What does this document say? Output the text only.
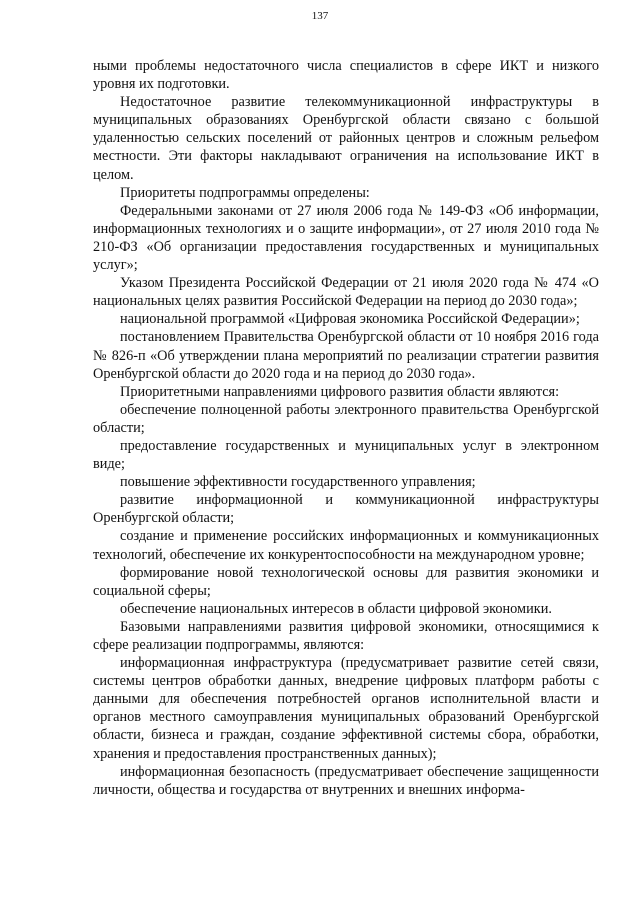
137

ными проблемы недостаточного числа специалистов в сфере ИКТ и низкого уровня их подготовки.

Недостаточное развитие телекоммуникационной инфраструктуры в муниципальных образованиях Оренбургской области связано с большой удаленностью сельских поселений от районных центров и сложным рельефом местности. Эти факторы накладывают ограничения на использование ИКТ в целом.

Приоритеты подпрограммы определены:

Федеральными законами от 27 июля 2006 года № 149-ФЗ «Об информации, информационных технологиях и о защите информации», от 27 июля 2010 года № 210-ФЗ «Об организации предоставления государственных и муниципальных услуг»;

Указом Президента Российской Федерации от 21 июля 2020 года № 474 «О национальных целях развития Российской Федерации на период до 2030 года»;

национальной программой «Цифровая экономика Российской Федерации»;

постановлением Правительства Оренбургской области от 10 ноября 2016 года № 826-п «Об утверждении плана мероприятий по реализации стратегии развития Оренбургской области до 2020 года и на период до 2030 года».

Приоритетными направлениями цифрового развития области являются:

обеспечение полноценной работы электронного правительства Оренбургской области;

предоставление государственных и муниципальных услуг в электронном виде;

повышение эффективности государственного управления;

развитие информационной и коммуникационной инфраструктуры Оренбургской области;

создание и применение российских информационных и коммуникационных технологий, обеспечение их конкурентоспособности на международном уровне;

формирование новой технологической основы для развития экономики и социальной сферы;

обеспечение национальных интересов в области цифровой экономики.

Базовыми направлениями развития цифровой экономики, относящимися к сфере реализации подпрограммы, являются:

информационная инфраструктура (предусматривает развитие сетей связи, системы центров обработки данных, внедрение цифровых платформ работы с данными для обеспечения потребностей органов исполнительной власти и органов местного самоуправления муниципальных образований Оренбургской области, бизнеса и граждан, создание эффективной системы сбора, обработки, хранения и предоставления пространственных данных);

информационная безопасность (предусматривает обеспечение защищенности личности, общества и государства от внутренних и внешних информа-
